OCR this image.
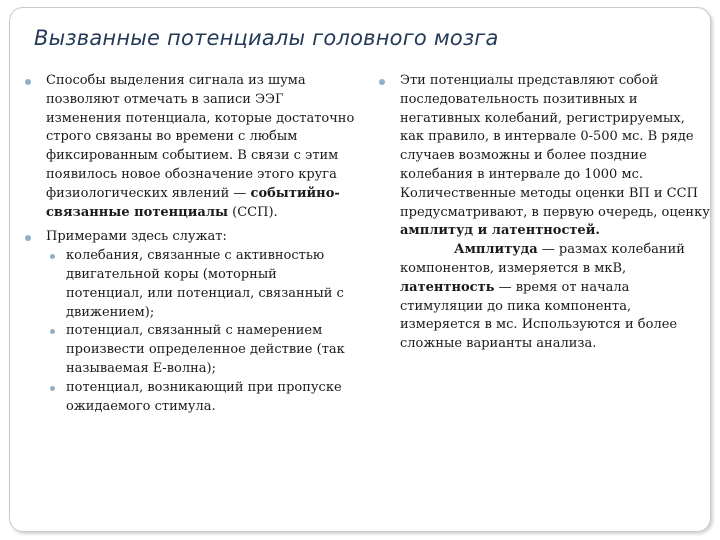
Вызванные потенциалы головного мозга
Способы выделения сигнала из шума позволяют отмечать в записи ЭЭГ изменения потенциала, которые достаточно строго связаны во времени с любым фиксированным событием. В связи с этим появилось новое обозначение этого круга физиологических явлений — событийно-связанные потенциалы (ССП).
Примерами здесь служат:
колебания, связанные с активностью двигательной коры (моторный потенциал, или потенциал, связанный с движением);
потенциал, связанный с намерением произвести определенное действие (так называемая Е-волна);
потенциал, возникающий при пропуске ожидаемого стимула.
Эти потенциалы представляют собой последовательность позитивных и негативных колебаний, регистрируемых, как правило, в интервале 0-500 мс. В ряде случаев возможны и более поздние колебания в интервале до 1000 мс. Количественные методы оценки ВП и ССП предусматривают, в первую очередь, оценку амплитуд и латентностей.
Амплитуда — размах колебаний компонентов, измеряется в мкВ, латентность — время от начала стимуляции до пика компонента, измеряется в мс. Используются и более сложные варианты анализа.
